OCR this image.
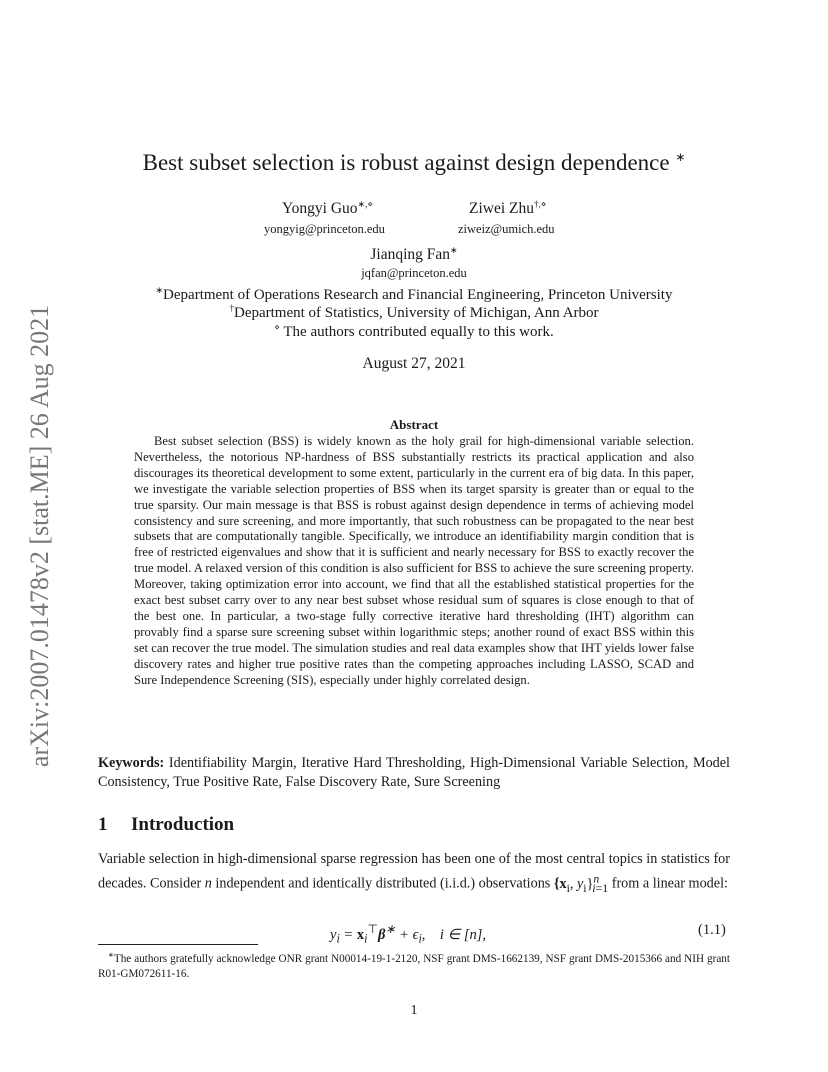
arXiv:2007.01478v2 [stat.ME] 26 Aug 2021
Best subset selection is robust against design dependence ∗
Yongyi Guo∗,⋄
yongyig@princeton.edu
Ziwei Zhu†,⋄
ziweiz@umich.edu
Jianqing Fan∗
jqfan@princeton.edu
∗Department of Operations Research and Financial Engineering, Princeton University
†Department of Statistics, University of Michigan, Ann Arbor
⋄ The authors contributed equally to this work.
August 27, 2021
Abstract
Best subset selection (BSS) is widely known as the holy grail for high-dimensional variable selection. Nevertheless, the notorious NP-hardness of BSS substantially restricts its practical application and also discourages its theoretical development to some extent, particularly in the current era of big data. In this paper, we investigate the variable selection properties of BSS when its target sparsity is greater than or equal to the true sparsity. Our main message is that BSS is robust against design dependence in terms of achieving model consistency and sure screening, and more importantly, that such robustness can be propagated to the near best subsets that are computationally tangible. Specifically, we introduce an identifiability margin condition that is free of restricted eigenvalues and show that it is sufficient and nearly necessary for BSS to exactly recover the true model. A relaxed version of this condition is also sufficient for BSS to achieve the sure screening property. Moreover, taking optimization error into account, we find that all the established statistical properties for the exact best subset carry over to any near best subset whose residual sum of squares is close enough to that of the best one. In particular, a two-stage fully corrective iterative hard thresholding (IHT) algorithm can provably find a sparse sure screening subset within logarithmic steps; another round of exact BSS within this set can recover the true model. The simulation studies and real data examples show that IHT yields lower false discovery rates and higher true positive rates than the competing approaches including LASSO, SCAD and Sure Independence Screening (SIS), especially under highly correlated design.
Keywords: Identifiability Margin, Iterative Hard Thresholding, High-Dimensional Variable Selection, Model Consistency, True Positive Rate, False Discovery Rate, Sure Screening
1 Introduction
Variable selection in high-dimensional sparse regression has been one of the most central topics in statistics for decades. Consider n independent and identically distributed (i.i.d.) observations {$x_i$, $y_i\}^n_{i=1}$ from a linear model:
$y_i = x_i^⊤\beta^∗ + \epsilon_i$,    i ∈ [n],	(1.1)
∗The authors gratefully acknowledge ONR grant N00014-19-1-2120, NSF grant DMS-1662139, NSF grant DMS-2015366 and NIH grant R01-GM072611-16.
1
